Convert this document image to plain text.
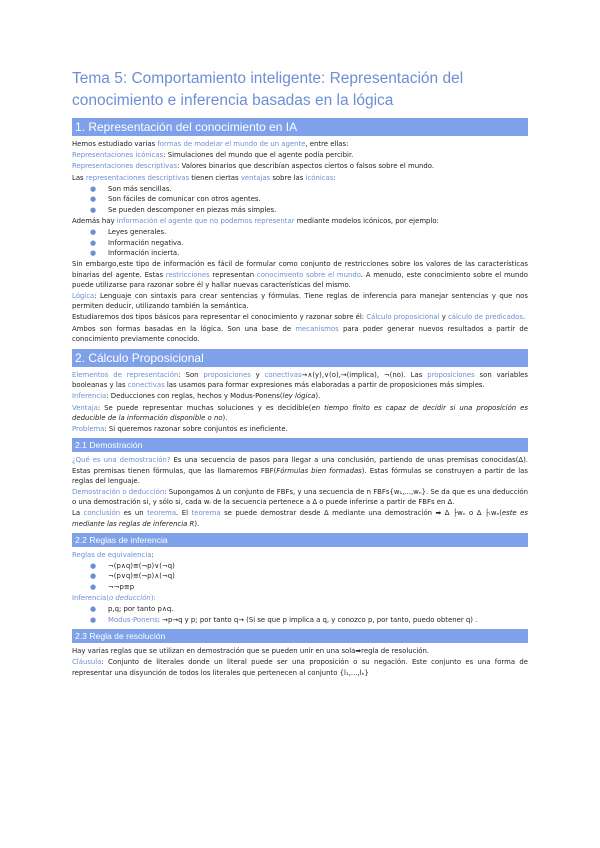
Tema 5: Comportamiento inteligente: Representación del conocimiento e inferencia basadas en la lógica
1. Representación del conocimiento en IA

Hemos estudiado varias formas de modelar el mundo de un agente, entre ellas:

Representaciones icónicas: Simulaciones del mundo que el agente podía percibir.

Representaciones descriptivas: Valores binarios que describían aspectos ciertos o falsos sobre el mundo.

Las representaciones descriptivas tienen ciertas ventajas sobre las icónicas:

● Son más sencillas.
● Son fáciles de comunicar con otros agentes.
● Se pueden descomponer en piezas más simples.

Además hay información el agente que no podemos representar mediante modelos icónicos, por ejemplo:

● Leyes generales.
● Información negativa.
● Información incierta.

Sin embargo,este tipo de información es fácil de formular como conjunto de restricciones sobre los valores de las características binarias del agente. Estas restricciones representan conocimiento sobre el mundo. A menudo, este conocimiento sobre el mundo puede utilizarse para razonar sobre él y hallar nuevas características del mismo.

Lógica: Lenguaje con sintaxis para crear sentencias y fórmulas. Tiene reglas de inferencia para manejar sentencias y que nos permiten deducir, utilizando también la semántica.

Estudiaremos dos tipos básicos para representar el conocimiento y razonar sobre él: Cálculo proposicional y cálculo de predicados.

Ambos son formas basadas en la lógica. Son una base de mecanismos para poder generar nuevos resultados a partir de conocimiento previamente conocido.

2. Cálculo Proposicional

Elementos de representación: Son proposiciones y conectivas→∧(y),∨(o),→(implica), ¬(no). Las proposiciones son variables booleanas y las conectivas las usamos para formar expresiones más elaboradas a partir de proposiciones más simples.

Inferencia: Deducciones con reglas, hechos y Modus-Ponens(ley lógica).

Ventaja: Se puede representar muchas soluciones y es decidible(en tiempo finito es capaz de decidir si una proposición es deducible de la información disponible o no).

Problema: Si queremos razonar sobre conjuntos es ineficiente.

2.1 Demostración

¿Qué es una demostración? Es una secuencia de pasos para llegar a una conclusión, partiendo de unas premisas conocidas(Δ). Estas premisas tienen fórmulas, que las llamaremos FBF(Fórmulas bien formadas). Estas fórmulas se construyen a partir de las reglas del lenguaje.

Demostración o deducción: Supongamos Δ un conjunto de FBFs, y una secuencia de n FBFs{w₁,...,wₙ}. Se da que es una deducción o una demostración si, y sólo si, cada wᵢ de la secuencia pertenece a Δ o puede inferirse a partir de FBFs en Δ.

La conclusión es un teorema. El teorema se puede demostrar desde Δ mediante una demostración ➡ Δ ├wₙ o Δ ├ᵣwₙ(este es mediante las reglas de inferencia R).

2.2 Reglas de inferencia

Reglas de equivalencia:

● ¬(p∧q)≡(¬p)∨(¬q)
● ¬(p∨q)≡(¬p)∧(¬q)
● ¬¬p≡p

Inferencia(o deducción):

● p,q; por tanto p∧q.
● Modus-Ponens: →p→q y p; por tanto q→ (Si se que p implica a q, y conozco p, por tanto, puedo obtener q) .
2.3 Regla de resolución

Hay varias reglas que se utilizan en demostración que se pueden unir en una sola➡regla de resolución.

Cláusula: Conjunto de literales donde un literal puede ser una proposición o su negación. Este conjunto es una forma de representar una disyunción de todos los literales que pertenecen al conjunto {l₁,...,lₖ}
